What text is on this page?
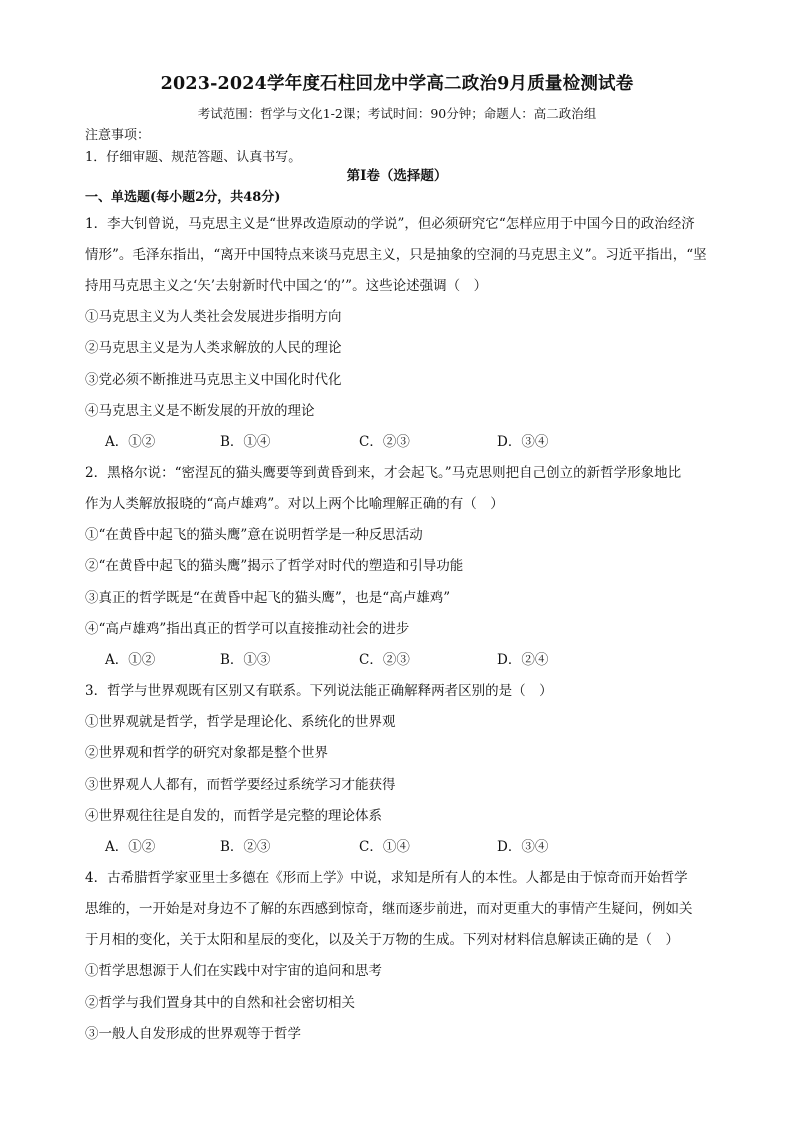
2023-2024学年度石柱回龙中学高二政治9月质量检测试卷
考试范围：哲学与文化1-2课；考试时间：90分钟；命题人：高二政治组
注意事项：
1．仔细审题、规范答题、认真书写。
第Ⅰ卷（选择题）
一、单选题(每小题2分，共48分)
1．李大钊曾说，马克思主义是“世界改造原动的学说”，但必须研究它“怎样应用于中国今日的政治经济
情形”。毛泽东指出，“离开中国特点来谈马克思主义，只是抽象的空洞的马克思主义”。习近平指出，“坚
持用马克思主义之‘矢’去射新时代中国之‘的’”。这些论述强调（　）
①马克思主义为人类社会发展进步指明方向
②马克思主义是为人类求解放的人民的理论
③党必须不断推进马克思主义中国化时代化
④马克思主义是不断发展的开放的理论
A．①②	B．①④	C．②③	D．③④
2．黑格尔说：“密涅瓦的猫头鹰要等到黄昏到来，才会起飞。”马克思则把自己创立的新哲学形象地比
作为人类解放报晓的“高卢雄鸡”。对以上两个比喻理解正确的有（　）
①“在黄昏中起飞的猫头鹰”意在说明哲学是一种反思活动
②“在黄昏中起飞的猫头鹰”揭示了哲学对时代的塑造和引导功能
③真正的哲学既是“在黄昏中起飞的猫头鹰”，也是“高卢雄鸡”
④“高卢雄鸡”指出真正的哲学可以直接推动社会的进步
A．①②	B．①③	C．②③	D．②④
3．哲学与世界观既有区别又有联系。下列说法能正确解释两者区别的是（　）
①世界观就是哲学，哲学是理论化、系统化的世界观
②世界观和哲学的研究对象都是整个世界
③世界观人人都有，而哲学要经过系统学习才能获得
④世界观往往是自发的，而哲学是完整的理论体系
A．①②	B．②③	C．①④	D．③④
4．古希腊哲学家亚里士多德在《形而上学》中说，求知是所有人的本性。人都是由于惊奇而开始哲学
思维的，一开始是对身边不了解的东西感到惊奇，继而逐步前进，而对更重大的事情产生疑问，例如关
于月相的变化，关于太阳和星辰的变化，以及关于万物的生成。下列对材料信息解读正确的是（　）
①哲学思想源于人们在实践中对宇宙的追问和思考
②哲学与我们置身其中的自然和社会密切相关
③一般人自发形成的世界观等于哲学
